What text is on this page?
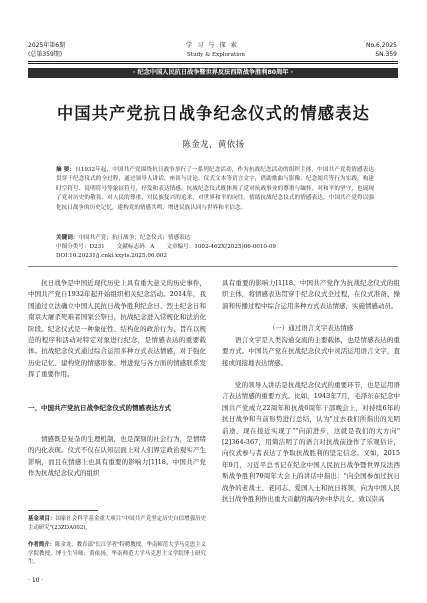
2025年第6期
(总第359期)
学 习 与 探 索
Study & Exploration
No.6,2025
SN.359
· 纪念中国人民抗日战争暨世界反法西斯战争胜利80周年 ·
中国共产党抗日战争纪念仪式的情感表达
陈金龙，黄依扬
摘 要：自1932年起，中国共产党围绕抗日战争举行了一系列纪念活动，作为抗战纪念活动的组织主体，中国共产党将情感表达贯穿于纪念仪式的全过程，通过领导人讲话、座谈与讨论、仪式文本等语言文字，借助歌曲与影像、纪念阅兵等行为实践，构建时空符号、说明符号等象征符号，抒发和表达情感。抗战纪念仪式既体现了党对抗战事业的尊重与缅怀、对和平的坚守，也展现了党对历史的敬畏、对人民的尊重、对民族复兴的追求，对世界和平的向往。情绪抗战纪念仪式的情感表达，中国共产党得以强化抗日战争的历史记忆，建构党的情感共鸣，增进民族认同与世界和平信念。
关键词：中国共产党；抗日战争；纪念仪式；情感表达
中图分类号：D231 文献标志码：A 文章编号：1002-462X(2025)06-0010-09
DOI:10.20231/j.cnki.xxyts.2025.06.002

抗日战争是中国近现代历史上具有重大意义的历史事件，中国共产党自1932年起开始组织相关纪念活动。2014年，我国通过立法确立中国人民抗日战争胜利纪念日、烈士纪念日和南京大屠杀死难者国家公祭日，抗战纪念进入常规化和法治化阶段。纪念仪式是一种象征性、结构化的政治行为，旨在以规范的程序和活动对特定对象进行纪念，是情感表达的重要载体。抗战纪念仪式通过综合运用多种方式表达情感，对于强化历史记忆、建构党的情感形象、增进党与各方面的情感联系发挥了重要作用。

一、中国共产党抗日战争纪念仪式的情感表达方式

情感既是复杂的生理机制，也是深刻的社会行为，是情绪的内化表现。仪式不仅在认知层面上对人们界定政治观实产生影响，而且在情感上也具有重要的影响力[1]18。中国共产党作为抗战纪念仪式的组织

基金项目：国家社会科学基金重大项目"中国共产党坚定历史自信增强历史主动研究"(23ZDA002)。
作者简介：陈金龙，教育部"长江学者"特聘教授，华南师范大学马克思主义学院教授，博士生导师；黄依扬，华南师范大学马克思主义学院博士研究生。

具有重要的影响力[1]18。中国共产党作为抗战纪念仪式的组织主体，将情感表达贯穿于纪念仪式全过程，在仪式准备、操演和传播过程中综合运用多种方式表达情感，实施情感动员。

（一）通过语言文字表达情感

语言文字是人类沟通交流的主要载体，也是情感表达的重要方式。中国共产党在抗战纪念仪式中灵活运用语言文字，直接或间接地表达情感。

党的领导人讲话是抗战纪念仪式的重要环节，也是运用语言表达情感的重要方式。比如，1943年7月，毛泽东在纪念中国共产党成立22周年和抗战6周年干部晚会上，对持续6年的抗日战争和当前形势进行总结，认为"过去我们所指出的光明前途，现在接近实现了""向前进步，这就是我们的大方向"[2]364-367，用简洁明了的语言对抗战前途作了乐观估计，向仪式参与者表达了争取抗战胜利的坚定信念。又如，2015年9月，习近平总书记在纪念中国人民抗日战争暨世界反法西斯战争胜利70周年大会上的讲话中指出："向全国参加过抗日战争的老战士、老同志、爱国人士和抗日将领，向为中国人民抗日战争胜利作出重大贡献的海内外中华儿女，致以崇高

· 10 ·
